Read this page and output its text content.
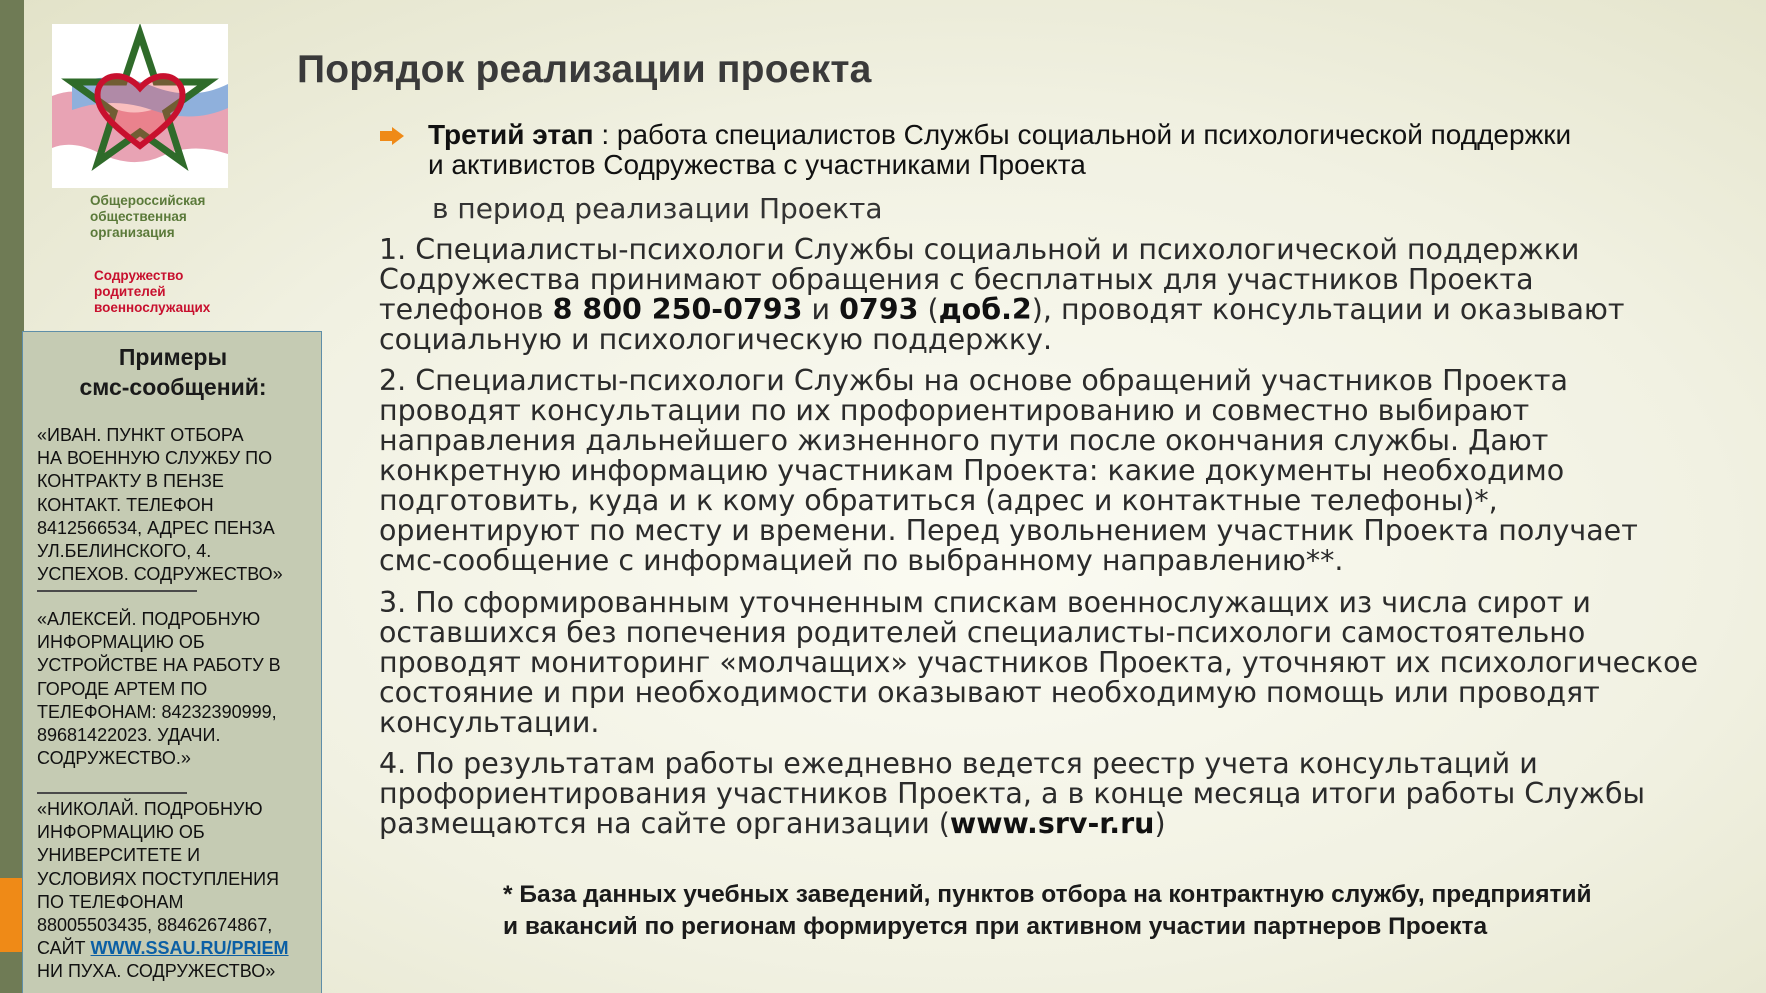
Общероссийская
общественная
организация
Содружество
родителей
военнослужащих
Примеры
смс-сообщений:
«ИВАН. ПУНКТ ОТБОРА
НА ВОЕННУЮ СЛУЖБУ ПО
КОНТРАКТУ В ПЕНЗЕ
КОНТАКТ. ТЕЛЕФОН
8412566534, АДРЕС ПЕНЗА
УЛ.БЕЛИНСКОГО, 4.
УСПЕХОВ. СОДРУЖЕСТВО»
«АЛЕКСЕЙ. ПОДРОБНУЮ
ИНФОРМАЦИЮ ОБ
УСТРОЙСТВЕ НА РАБОТУ В
ГОРОДЕ АРТЕМ ПО
ТЕЛЕФОНАМ: 84232390999,
89681422023. УДАЧИ.
СОДРУЖЕСТВО.»
«НИКОЛАЙ. ПОДРОБНУЮ
ИНФОРМАЦИЮ ОБ
УНИВЕРСИТЕТЕ И
УСЛОВИЯХ ПОСТУПЛЕНИЯ
ПО ТЕЛЕФОНАМ
88005503435, 88462674867,
САЙТ WWW.SSAU.RU/PRIEM
НИ ПУХА. СОДРУЖЕСТВО»
Порядок реализации проекта
Третий этап : работа специалистов Службы социальной и психологической поддержки
и активистов Содружества с участниками Проекта
в период реализации Проекта
1. Специалисты-психологи Службы социальной и психологической поддержки
Содружества принимают обращения с бесплатных для участников Проекта
телефонов 8 800 250-0793 и 0793 (доб.2), проводят консультации и оказывают
социальную и психологическую поддержку.
2. Специалисты-психологи Службы на основе обращений участников Проекта
проводят консультации по их профориентированию и совместно выбирают
направления дальнейшего жизненного пути после окончания службы. Дают
конкретную информацию участникам Проекта: какие документы необходимо
подготовить, куда и к кому обратиться (адрес и контактные телефоны)*,
ориентируют по месту и времени. Перед увольнением участник Проекта получает
смс-сообщение с информацией по выбранному направлению**.
3. По сформированным уточненным спискам военнослужащих из числа сирот и
оставшихся без попечения родителей специалисты-психологи самостоятельно
проводят мониторинг «молчащих» участников Проекта, уточняют их психологическое
состояние и при необходимости оказывают необходимую помощь или проводят
консультации.
4. По результатам работы ежедневно ведется реестр учета консультаций и
профориентирования участников Проекта, а в конце месяца итоги работы Службы
размещаются на сайте организации (www.srv-r.ru)
* База данных учебных заведений, пунктов отбора на контрактную службу, предприятий
и вакансий по регионам формируется при активном участии партнеров Проекта
